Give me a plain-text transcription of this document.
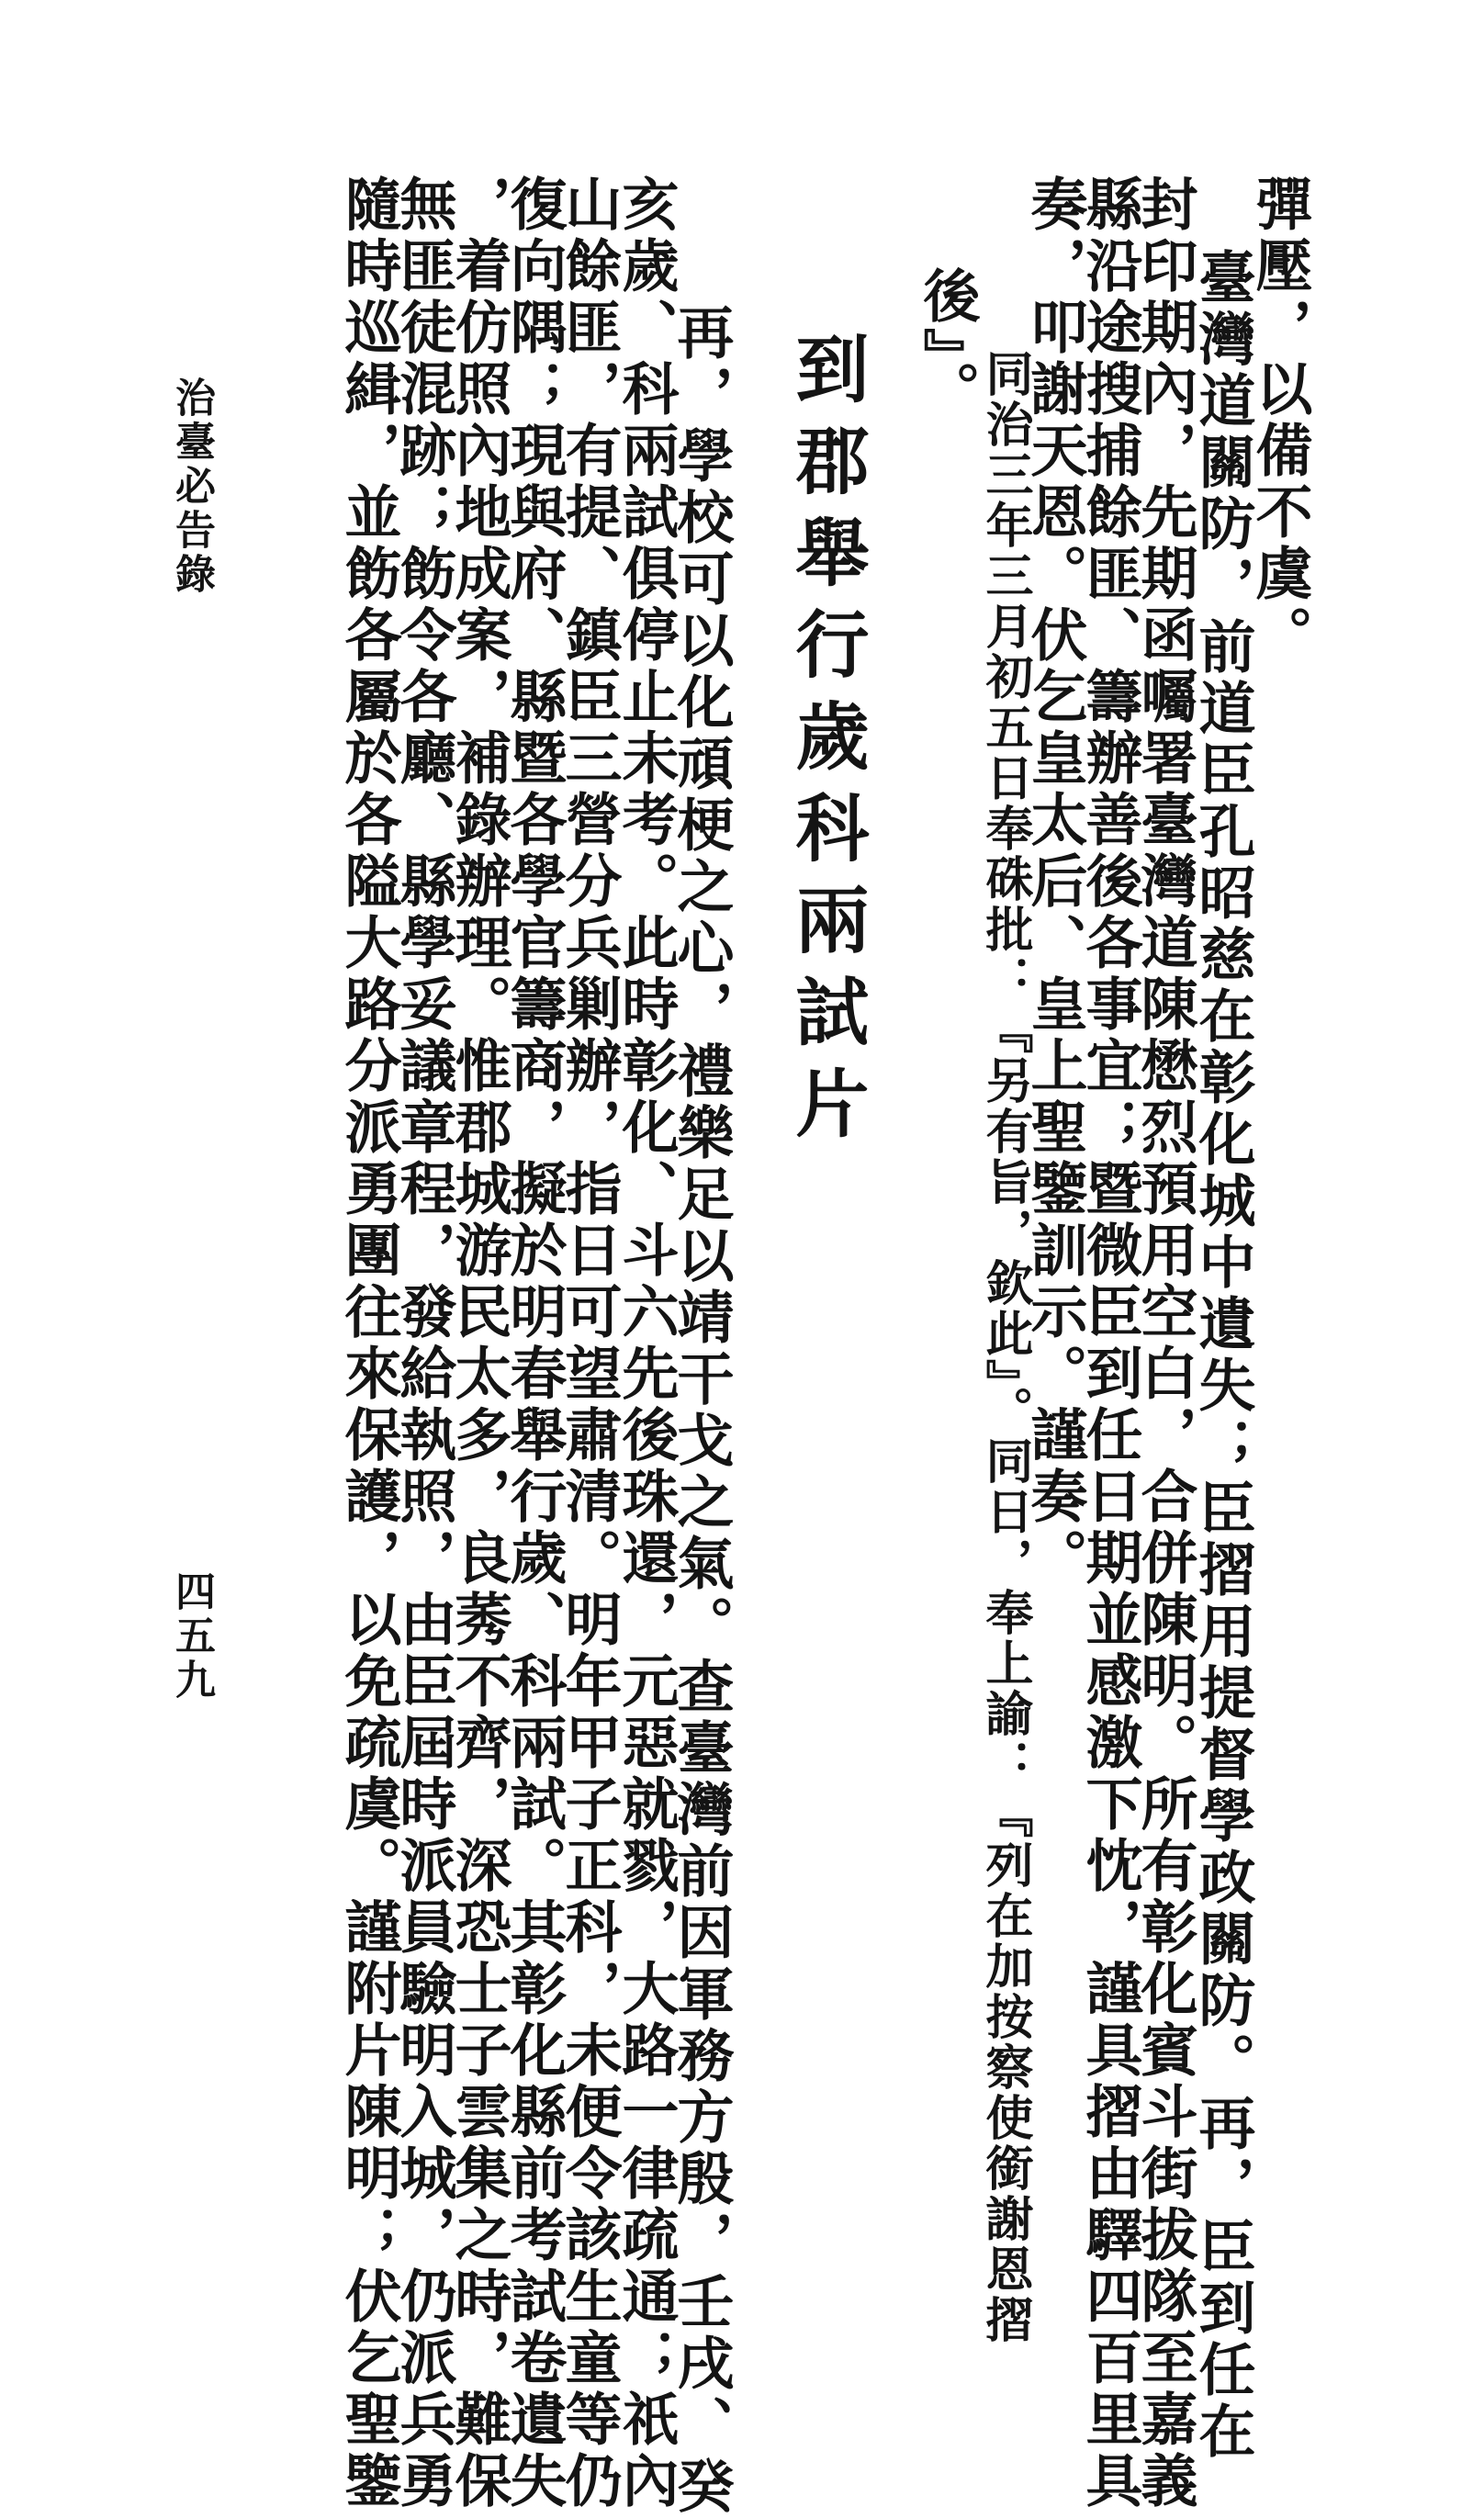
彈壓，以備不虞。
臺灣道關防，前道臣孔昭慈在彰化城中遺失；臣摺用提督學政關防。再，臣到任在
封印期內，先期函囑署臺灣道陳懋烈預用空白，合併陳明。所有彰化賓斗街拔隊至嘉義
縣沿途搜捕餘匪、籌辦善後各事宜；暨微臣到任日期並感激下忱，謹具摺由驛四百里具
奏，叩謝天恩。伏乞皇太后、皇上聖鑒訓示。謹奏。
同治三年三月初五日奉硃批：『另有旨，欽此』。同日，奉上諭：『列在加按察使銜謝恩摺
後』。
到郡舉行歲科兩試片
再，學校可以化頑梗之心，禮樂足以靖干戈之氣。查臺灣前因軍務方殷，壬戌、癸
亥歲、科兩試俱停止未考。此時彰化、斗六先後珠還，元惡就戮，大路一律疏通；祇內
山餘匪，有提、鎮臣三營分兵剿辦，指日可望肅清。明年甲子正科，未便令該生童等仍
復向隅；現與府、縣暨各學官籌商，擬於明春舉行歲、科兩試。其彰化縣前考試卷遺失
，着仿照內地成案，補錄辦理。惟郡城游民太多，良莠不齊，深恐士子雲集之時，難保
無匪徒混跡；飭令各廳、縣學妥議章程，發給執照，由臣屆時派員驗明入城，仍派兵勇
隨時巡緝，並飭各屬於各隘大路分派勇團往來保護，以免疏虞。謹附片陳明；伏乞聖鑒
治臺必告錄
四五九
